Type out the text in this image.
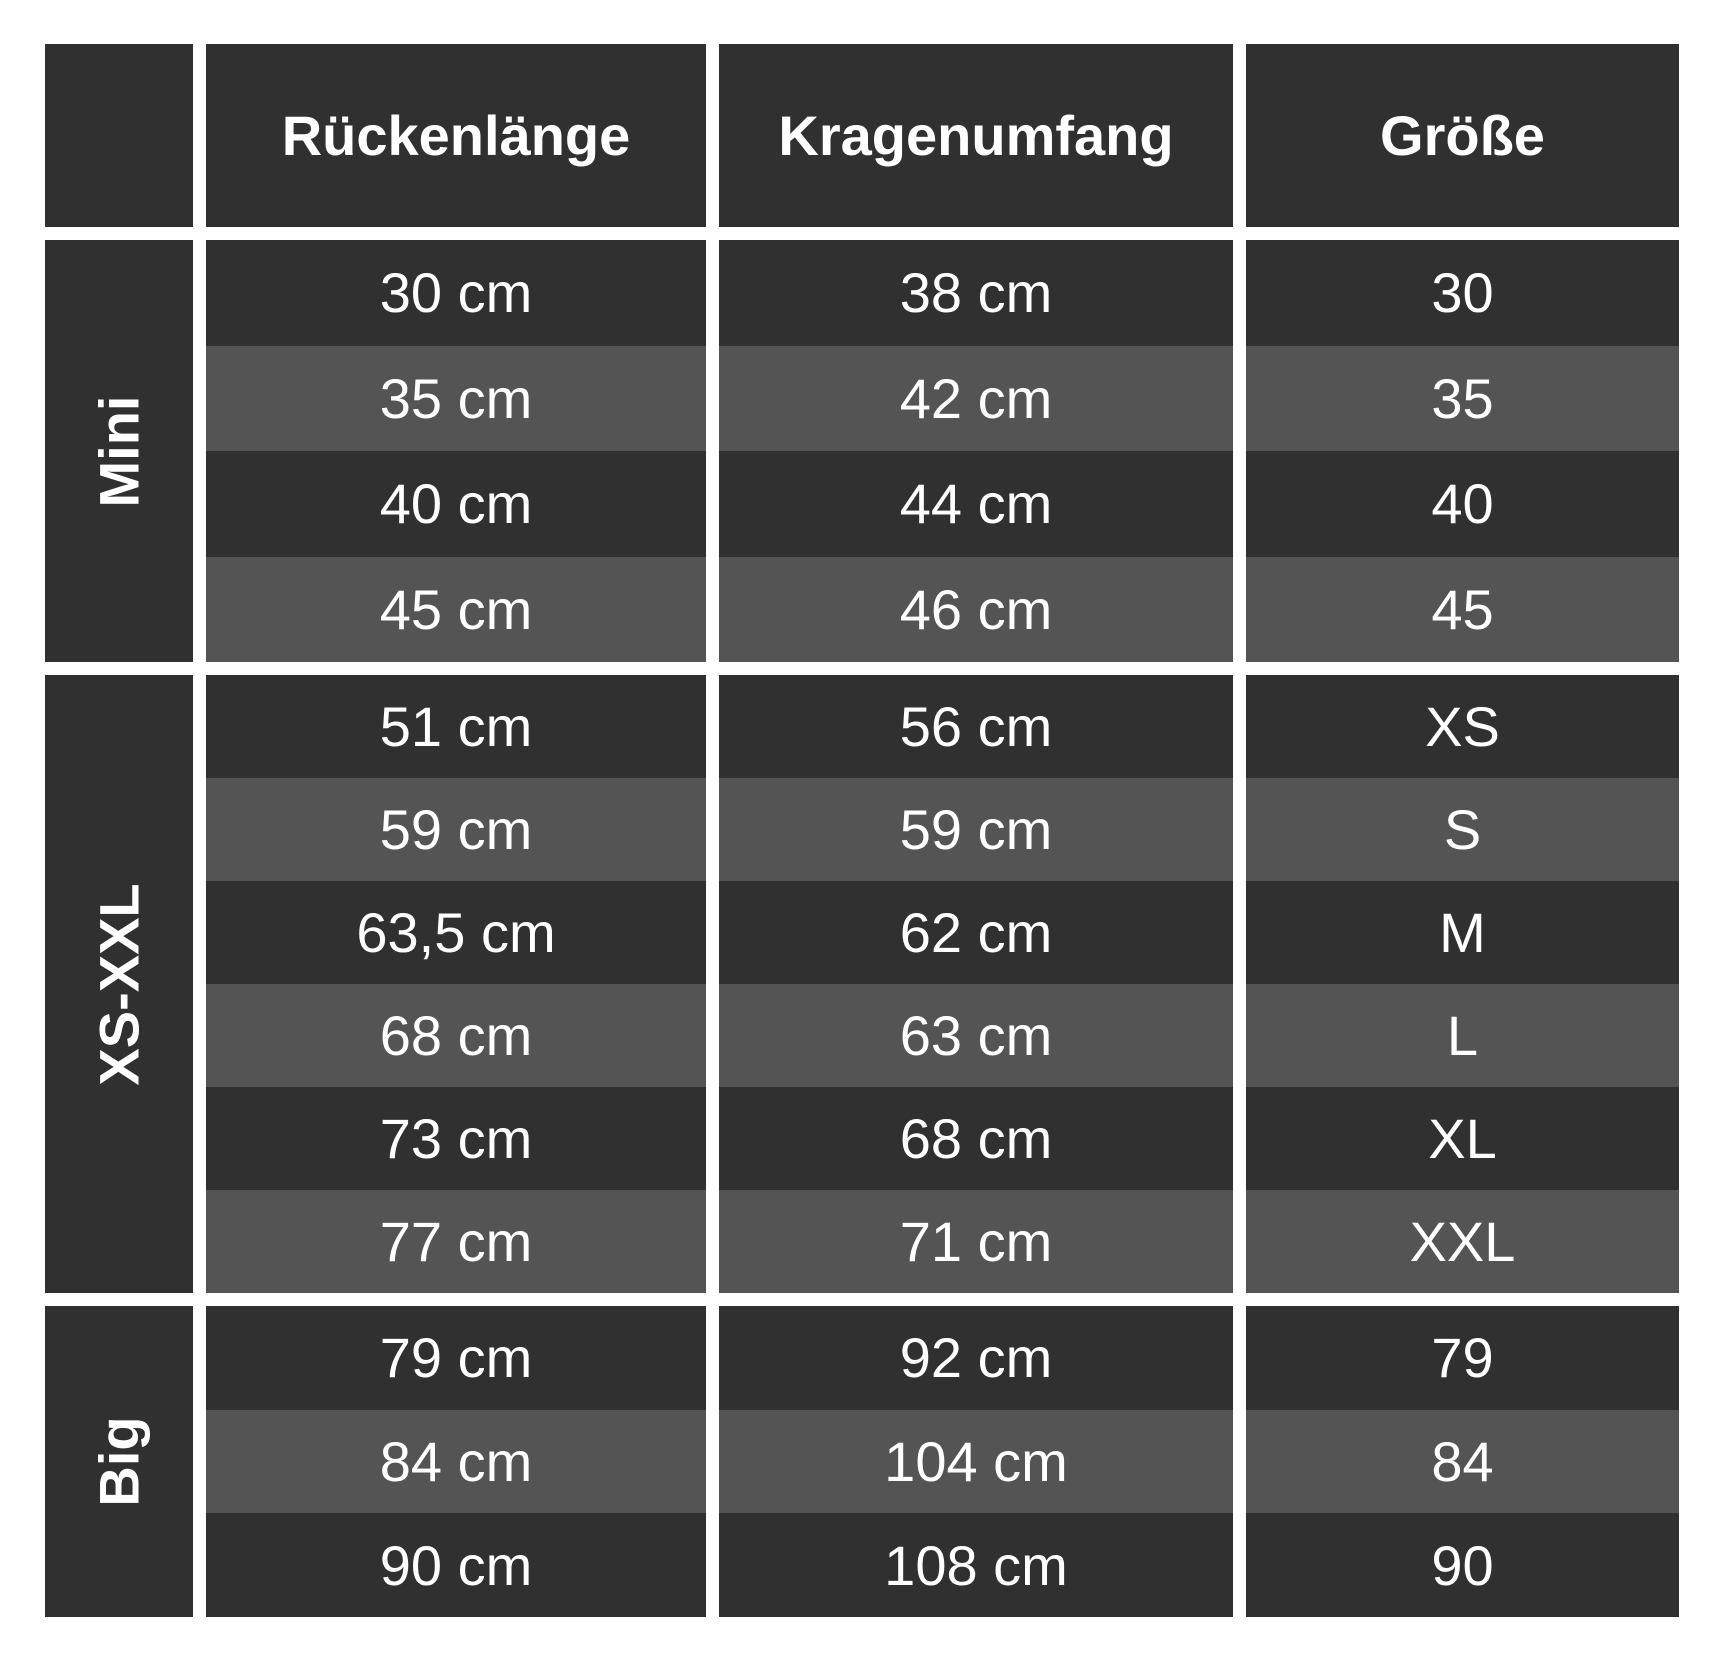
Rückenlänge	Kragenumfang	Größe
Mini
30 cm
35 cm
40 cm
45 cm
38 cm
42 cm
44 cm
46 cm
30
35
40
45
XS-XXL
51 cm
59 cm
63,5 cm
68 cm
73 cm
77 cm
56 cm
59 cm
62 cm
63 cm
68 cm
71 cm
XS
S
M
L
XL
XXL
Big
79 cm
84 cm
90 cm
92 cm
104 cm
108 cm
79
84
90
